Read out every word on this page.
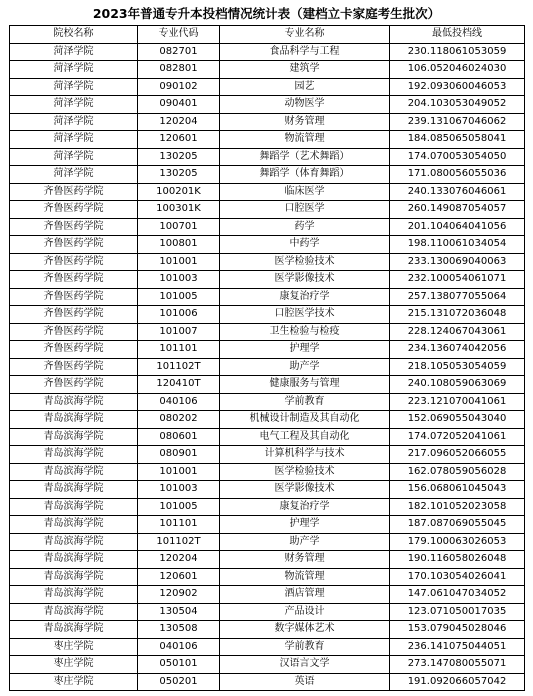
2023年普通专升本投档情况统计表（建档立卡家庭考生批次）
院校名称	专业代码	专业名称	最低投档线
菏泽学院	082701	食品科学与工程	230.118061053059
菏泽学院	082801	建筑学	106.052046024030
菏泽学院	090102	园艺	192.093060046053
菏泽学院	090401	动物医学	204.103053049052
菏泽学院	120204	财务管理	239.131067046062
菏泽学院	120601	物流管理	184.085065058041
菏泽学院	130205	舞蹈学（艺术舞蹈）	174.070053054050
菏泽学院	130205	舞蹈学（体育舞蹈）	171.080056055036
齐鲁医药学院	100201K	临床医学	240.133076046061
齐鲁医药学院	100301K	口腔医学	260.149087054057
齐鲁医药学院	100701	药学	201.104064041056
齐鲁医药学院	100801	中药学	198.110061034054
齐鲁医药学院	101001	医学检验技术	233.130069040063
齐鲁医药学院	101003	医学影像技术	232.100054061071
齐鲁医药学院	101005	康复治疗学	257.138077055064
齐鲁医药学院	101006	口腔医学技术	215.131072036048
齐鲁医药学院	101007	卫生检验与检疫	228.124067043061
齐鲁医药学院	101101	护理学	234.136074042056
齐鲁医药学院	101102T	助产学	218.105053054059
齐鲁医药学院	120410T	健康服务与管理	240.108059063069
青岛滨海学院	040106	学前教育	223.121070041061
青岛滨海学院	080202	机械设计制造及其自动化	152.069055043040
青岛滨海学院	080601	电气工程及其自动化	174.072052041061
青岛滨海学院	080901	计算机科学与技术	217.096052066055
青岛滨海学院	101001	医学检验技术	162.078059056028
青岛滨海学院	101003	医学影像技术	156.068061045043
青岛滨海学院	101005	康复治疗学	182.101052023058
青岛滨海学院	101101	护理学	187.087069055045
青岛滨海学院	101102T	助产学	179.100063026053
青岛滨海学院	120204	财务管理	190.116058026048
青岛滨海学院	120601	物流管理	170.103054026041
青岛滨海学院	120902	酒店管理	147.061047034052
青岛滨海学院	130504	产品设计	123.071050017035
青岛滨海学院	130508	数字媒体艺术	153.079045028046
枣庄学院	040106	学前教育	236.141075044051
枣庄学院	050101	汉语言文学	273.147080055071
枣庄学院	050201	英语	191.092066057042
